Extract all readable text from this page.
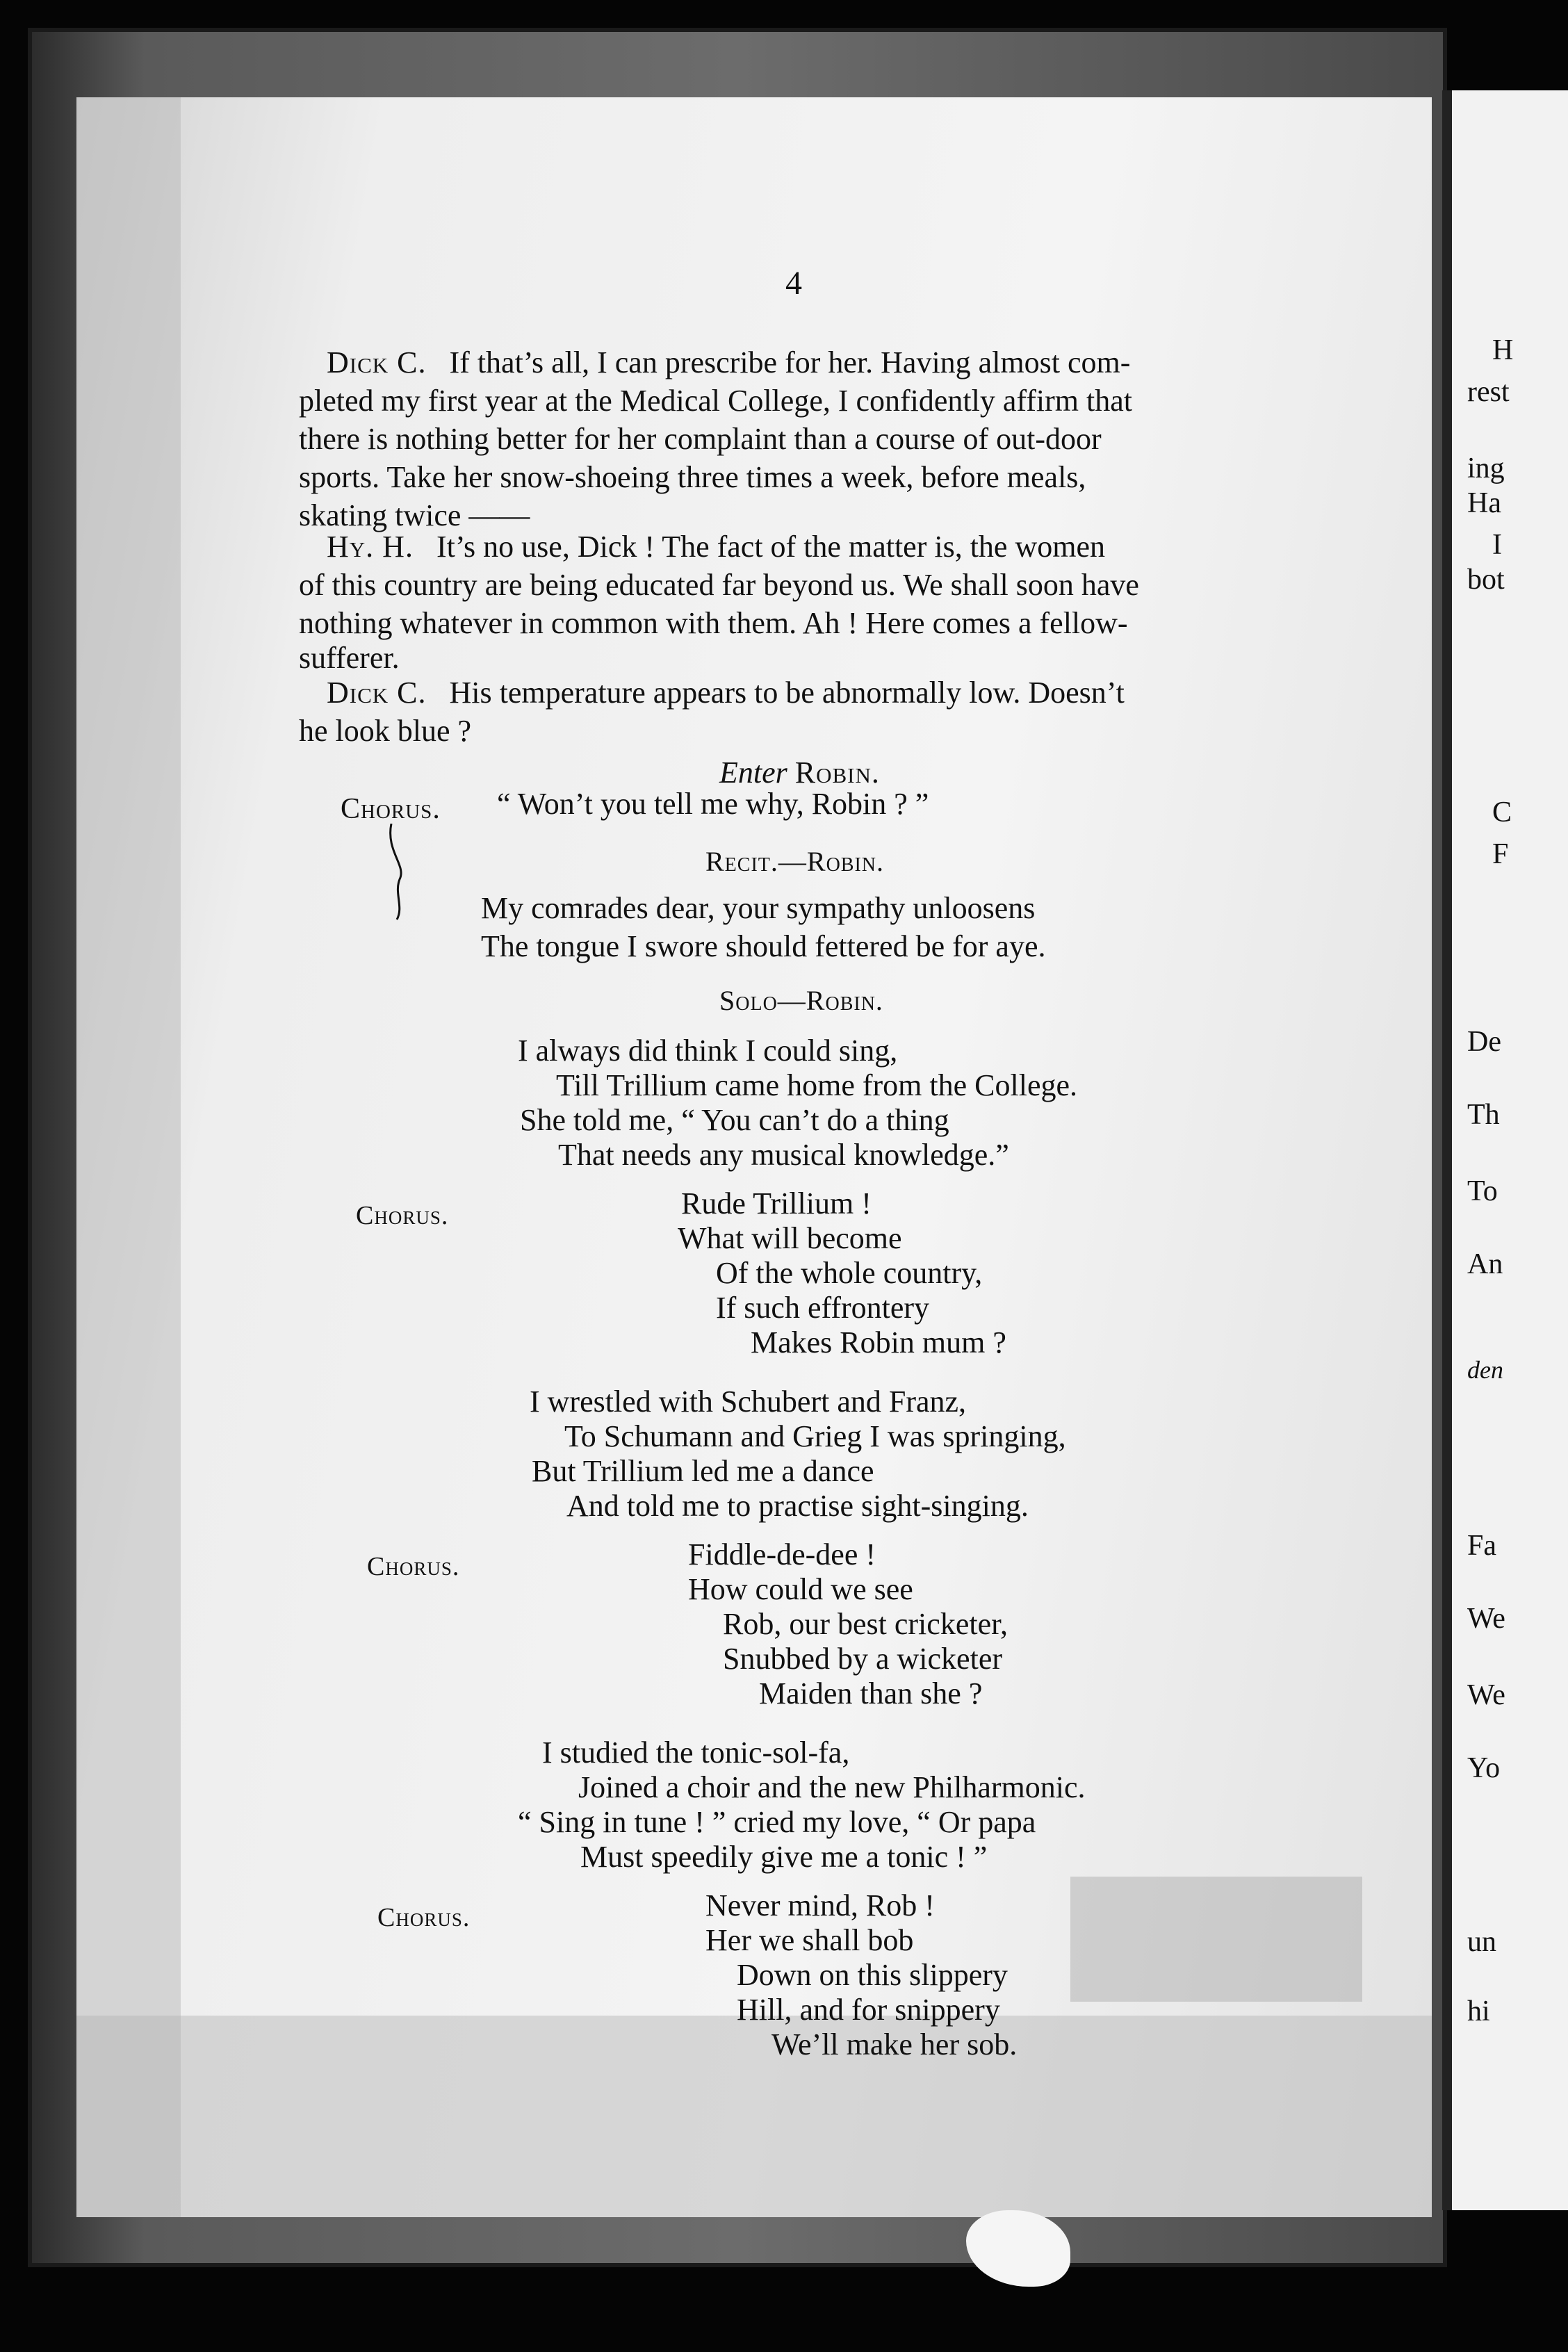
H
rest
ing
Ha
I
bot
C
F
De
Th
To
An
den
Fa
We
We
Yo
un
hi
4
Dick C. If that’s all, I can prescribe for her. Having almost com-
pleted my first year at the Medical College, I confidently affirm that
there is nothing better for her complaint than a course of out-door
sports. Take her snow-shoeing three times a week, before meals,
skating twice ——
Hy. H. It’s no use, Dick ! The fact of the matter is, the women
of this country are being educated far beyond us. We shall soon have
nothing whatever in common with them. Ah ! Here comes a fellow-
sufferer.
Dick C. His temperature appears to be abnormally low. Doesn’t
he look blue ?
Enter Robin.
Chorus. “ Won’t you tell me why, Robin ? ”
Recit.—Robin.
My comrades dear, your sympathy unloosens
The tongue I swore should fettered be for aye.
Solo—Robin.
I always did think I could sing,
Till Trillium came home from the College.
She told me, “ You can’t do a thing
That needs any musical knowledge.”
Chorus.	Rude Trillium !
What will become
Of the whole country,
If such effrontery
Makes Robin mum ?
I wrestled with Schubert and Franz,
To Schumann and Grieg I was springing,
But Trillium led me a dance
And told me to practise sight-singing.
Chorus.	Fiddle-de-dee !
How could we see
Rob, our best cricketer,
Snubbed by a wicketer
Maiden than she ?
I studied the tonic-sol-fa,
Joined a choir and the new Philharmonic.
“ Sing in tune ! ” cried my love, “ Or papa
Must speedily give me a tonic ! ”
Chorus.	Never mind, Rob !
Her we shall bob
Down on this slippery
Hill, and for snippery
We’ll make her sob.
